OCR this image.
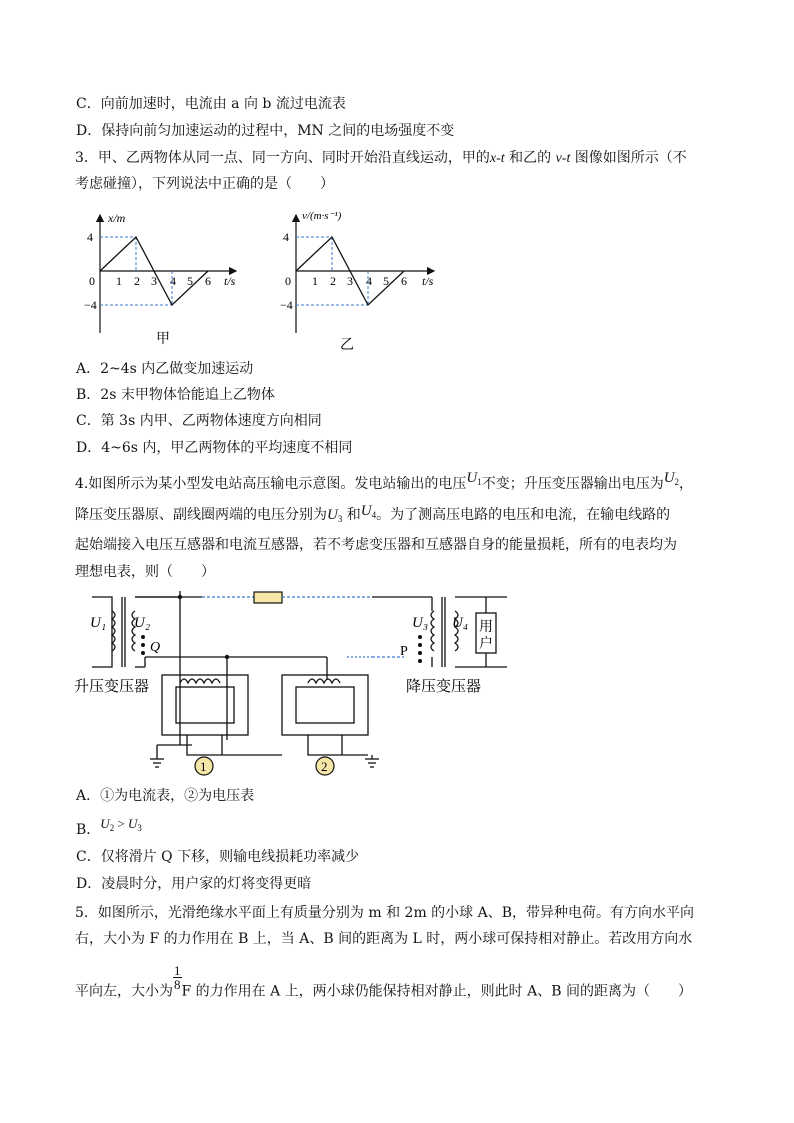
C．向前加速时，电流由 a 向 b 流过电流表
D．保持向前匀加速运动的过程中，MN 之间的电场强度不变
3．甲、乙两物体从同一点、同一方向、同时开始沿直线运动，甲的x-t 和乙的 v-t 图像如图所示（不
考虑碰撞），下列说法中正确的是（　　）
x/m
t/s
4
0
−4
1 2 3 4 5 6
甲
v/(m·s⁻¹)
t/s
4
0
−4
1 2 3 4 5 6
乙
A．2~4s 内乙做变加速运动
B．2s 末甲物体恰能追上乙物体
C．第 3s 内甲、乙两物体速度方向相同
D．4~6s 内，甲乙两物体的平均速度不相同
4.如图所示为某小型发电站高压输电示意图。发电站输出的电压$U_1$不变；升压变压器输出电压为$U_2$，
降压变压器原、副线圈两端的电压分别为$U_3$ 和$U_4$。为了测高压电路的电压和电流，在输电线路的
起始端接入电压互感器和电流互感器，若不考虑变压器和互感器自身的能量损耗，所有的电表均为
理想电表，则（　　）
1	2
U₁ U₂
Q	P
U₃ U₄ 用
户
升压变压器	降压变压器
A．①为电流表，②为电压表
B．$U_2 > U_3$
C．仅将滑片 Q 下移，则输电线损耗功率减少
D．凌晨时分，用户家的灯将变得更暗
5．如图所示，光滑绝缘水平面上有质量分别为 m 和 2m 的小球 A、B，带异种电荷。有方向水平向
右，大小为 F 的力作用在 B 上，当 A、B 间的距离为 L 时，两小球可保持相对静止。若改用方向水
平向左，大小为
$\frac{1}{8}$
F 的力作用在 A 上，两小球仍能保持相对静止，则此时 A、B 间的距离为（　　）
